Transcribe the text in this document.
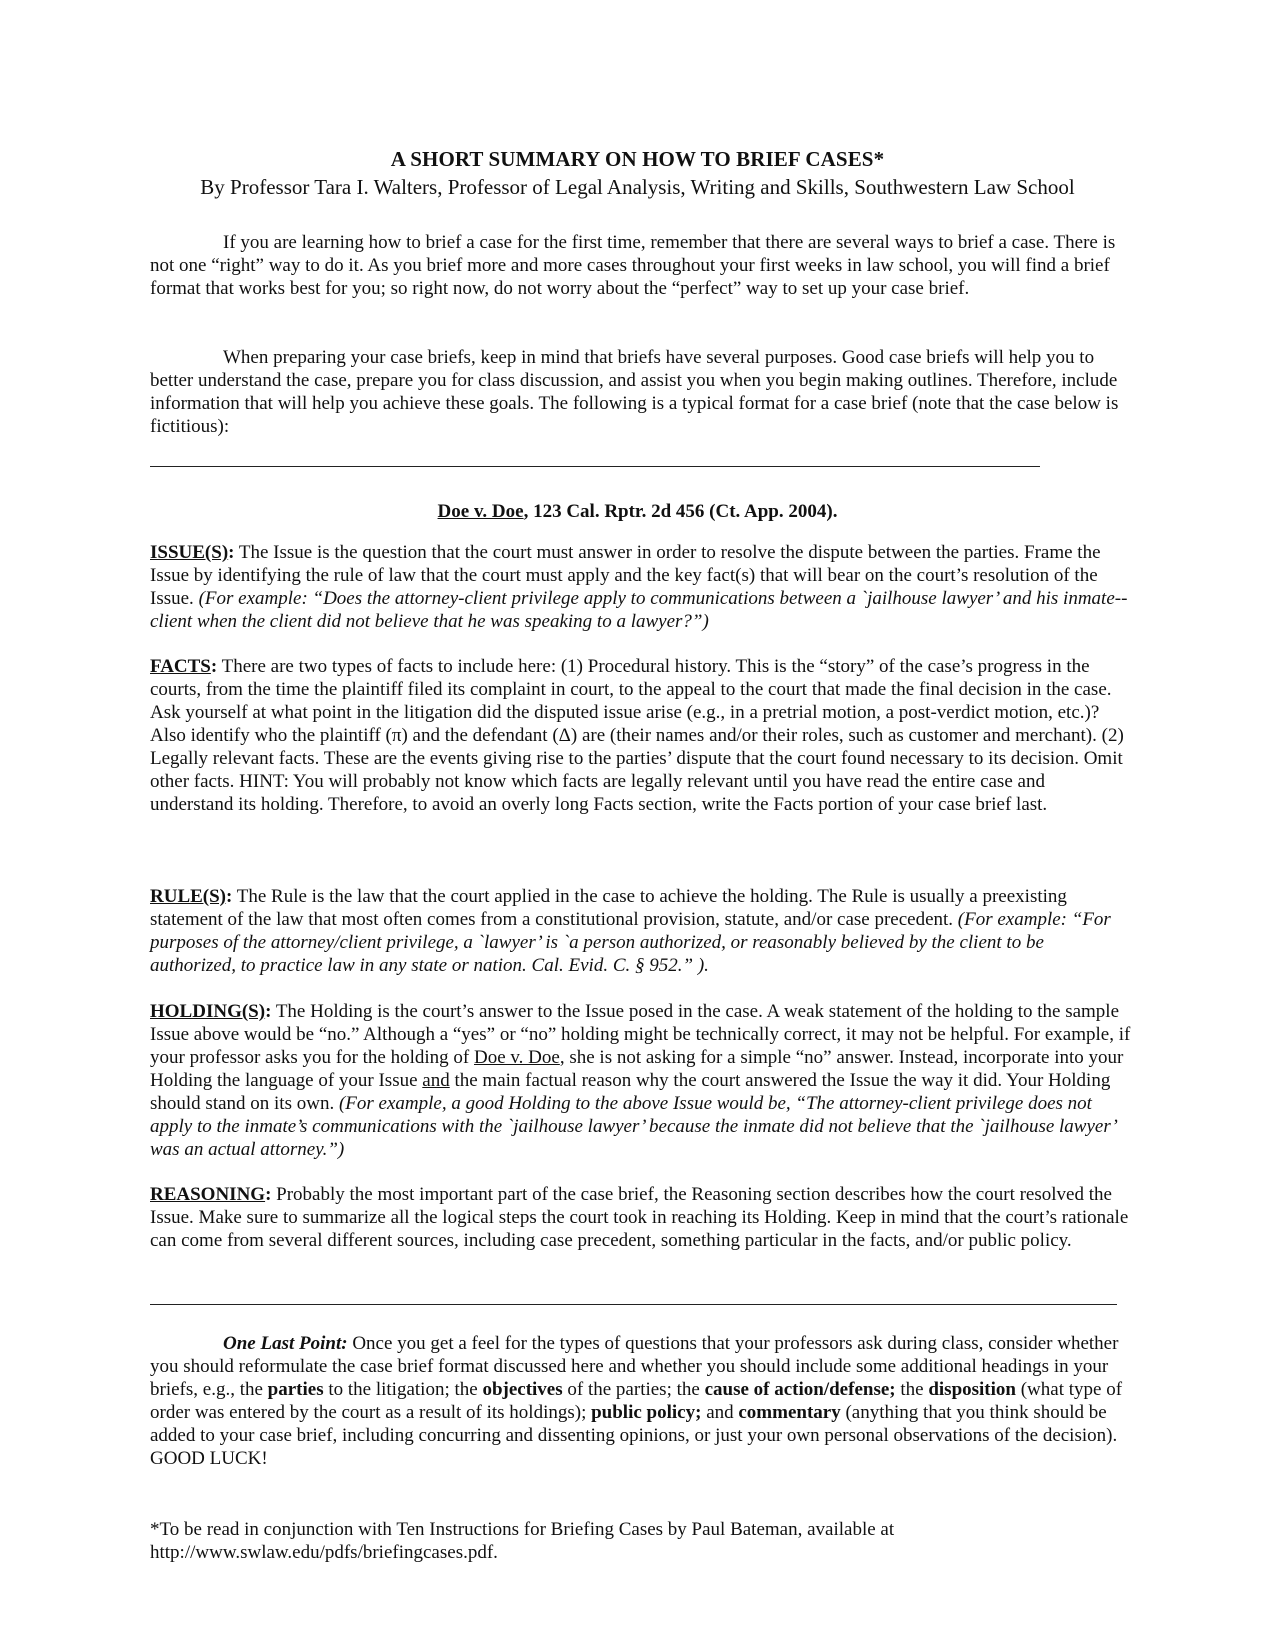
A SHORT SUMMARY ON HOW TO BRIEF CASES*
By Professor Tara I. Walters, Professor of Legal Analysis, Writing and Skills, Southwestern Law School

If you are learning how to brief a case for the first time, remember that there are several ways to brief a case. There is not one “right” way to do it. As you brief more and more cases throughout your first weeks in law school, you will find a brief format that works best for you; so right now, do not worry about the “perfect” way to set up your case brief.

When preparing your case briefs, keep in mind that briefs have several purposes. Good case briefs will help you to better understand the case, prepare you for class discussion, and assist you when you begin making outlines. Therefore, include information that will help you achieve these goals. The following is a typical format for a case brief (note that the case below is fictitious):

Doe v. Doe, 123 Cal. Rptr. 2d 456 (Ct. App. 2004).

ISSUE(S): The Issue is the question that the court must answer in order to resolve the dispute between the parties. Frame the Issue by identifying the rule of law that the court must apply and the key fact(s) that will bear on the court’s resolution of the Issue. (For example: “Does the attorney-client privilege apply to communications between a `jailhouse lawyer’ and his inmate--client when the client did not believe that he was speaking to a lawyer?”)

FACTS: There are two types of facts to include here: (1) Procedural history. This is the “story” of the case’s progress in the courts, from the time the plaintiff filed its complaint in court, to the appeal to the court that made the final decision in the case. Ask yourself at what point in the litigation did the disputed issue arise (e.g., in a pretrial motion, a post-verdict motion, etc.)? Also identify who the plaintiff (π) and the defendant (Δ) are (their names and/or their roles, such as customer and merchant). (2) Legally relevant facts. These are the events giving rise to the parties’ dispute that the court found necessary to its decision. Omit other facts. HINT: You will probably not know which facts are legally relevant until you have read the entire case and understand its holding. Therefore, to avoid an overly long Facts section, write the Facts portion of your case brief last.

RULE(S): The Rule is the law that the court applied in the case to achieve the holding. The Rule is usually a preexisting statement of the law that most often comes from a constitutional provision, statute, and/or case precedent. (For example: “For purposes of the attorney/client privilege, a `lawyer’ is `a person authorized, or reasonably believed by the client to be authorized, to practice law in any state or nation. Cal. Evid. C. § 952.” ).

HOLDING(S): The Holding is the court’s answer to the Issue posed in the case. A weak statement of the holding to the sample Issue above would be “no.” Although a “yes” or “no” holding might be technically correct, it may not be helpful. For example, if your professor asks you for the holding of Doe v. Doe, she is not asking for a simple “no” answer. Instead, incorporate into your Holding the language of your Issue and the main factual reason why the court answered the Issue the way it did. Your Holding should stand on its own. (For example, a good Holding to the above Issue would be, “The attorney-client privilege does not apply to the inmate’s communications with the `jailhouse lawyer’ because the inmate did not believe that the `jailhouse lawyer’ was an actual attorney.”)

REASONING: Probably the most important part of the case brief, the Reasoning section describes how the court resolved the Issue. Make sure to summarize all the logical steps the court took in reaching its Holding. Keep in mind that the court’s rationale can come from several different sources, including case precedent, something particular in the facts, and/or public policy.

One Last Point: Once you get a feel for the types of questions that your professors ask during class, consider whether you should reformulate the case brief format discussed here and whether you should include some additional headings in your briefs, e.g., the parties to the litigation; the objectives of the parties; the cause of action/defense; the disposition (what type of order was entered by the court as a result of its holdings); public policy; and commentary (anything that you think should be added to your case brief, including concurring and dissenting opinions, or just your own personal observations of the decision). GOOD LUCK!

*To be read in conjunction with Ten Instructions for Briefing Cases by Paul Bateman, available at http://www.swlaw.edu/pdfs/briefingcases.pdf.
